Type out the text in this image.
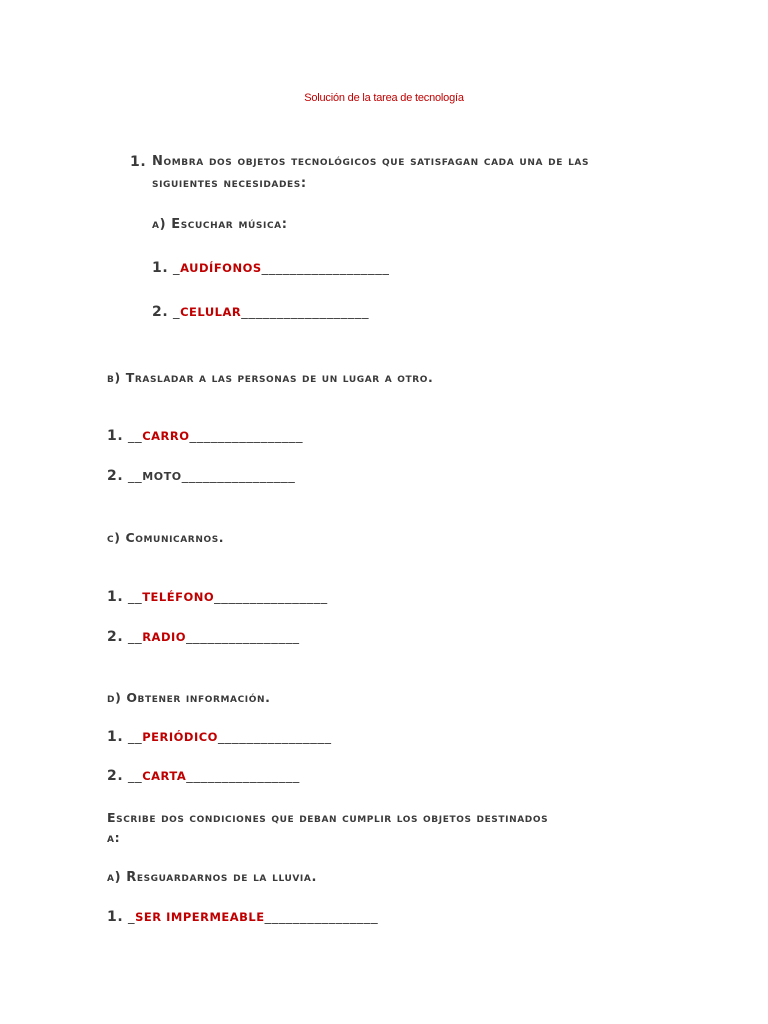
Solución de la tarea de tecnología
1. Nombra dos objetos tecnológicos que satisfagan cada una de las
siguientes necesidades:
a) Escuchar música:
1. _AUDÍFONOS__________________
2. _CELULAR__________________
b) Trasladar a las personas de un lugar a otro.
1. __CARRO________________
2. __MOTO________________
c) Comunicarnos.
1. __TELÉFONO________________
2. __RADIO________________
d) Obtener información.
1. __PERIÓDICO________________
2. __CARTA________________
Escribe dos condiciones que deban cumplir los objetos destinados
a:
a) Resguardarnos de la lluvia.
1. _SER IMPERMEABLE________________
